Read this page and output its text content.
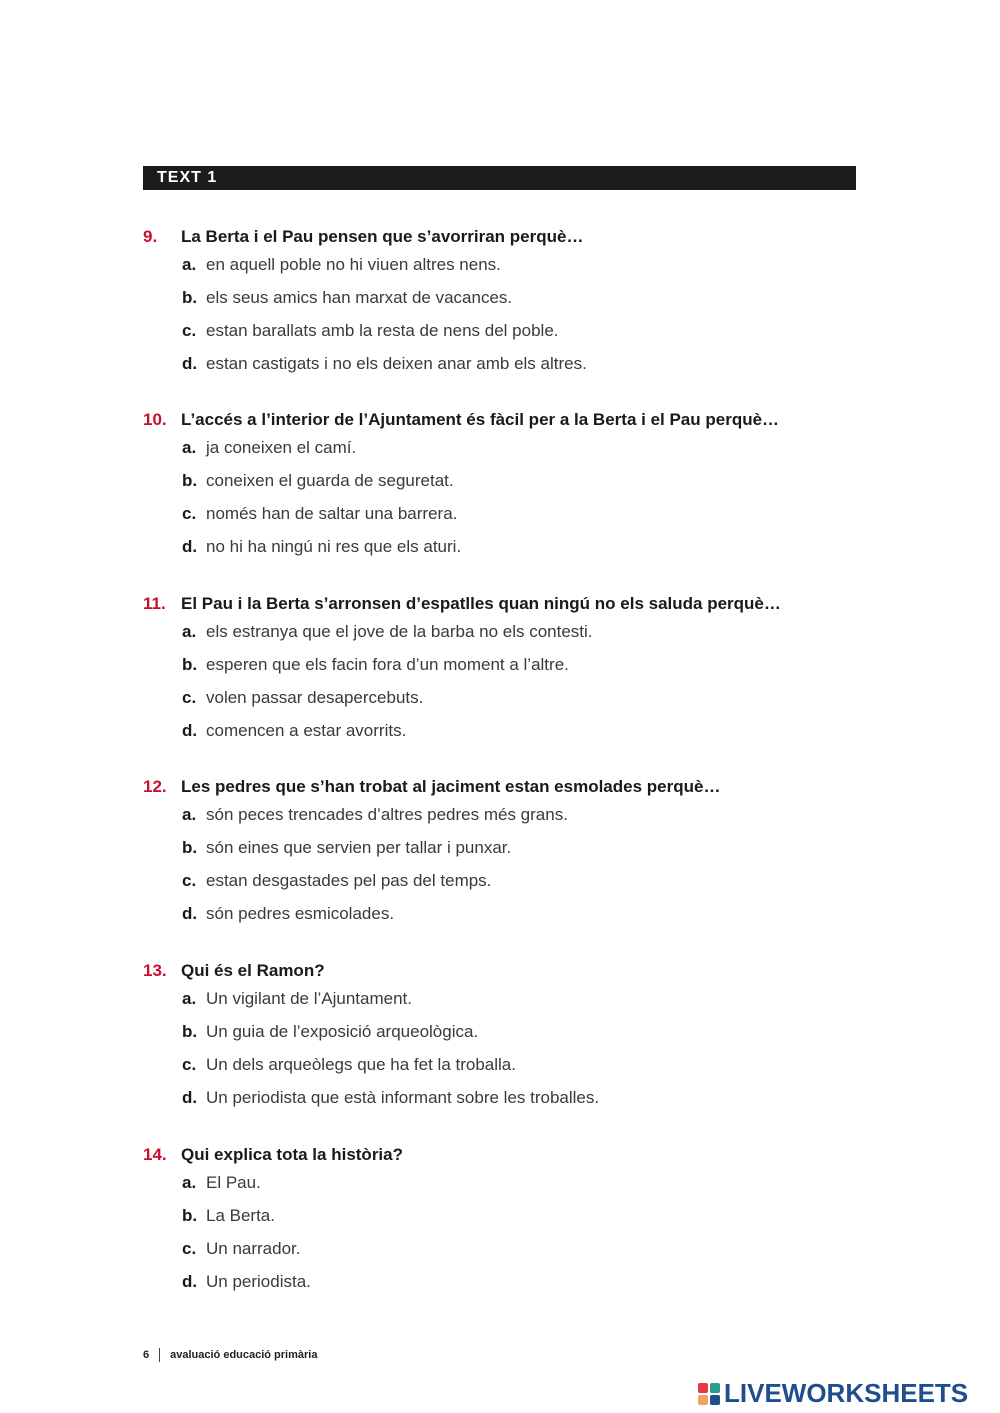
TEXT 1
9.	La Berta i el Pau pensen que s’avorriran perquè…
a. en aquell poble no hi viuen altres nens.
b. els seus amics han marxat de vacances.
c. estan barallats amb la resta de nens del poble.
d. estan castigats i no els deixen anar amb els altres.
10. L’accés a l’interior de l’Ajuntament és fàcil per a la Berta i el Pau perquè…
a. ja coneixen el camí.
b. coneixen el guarda de seguretat.
c. només han de saltar una barrera.
d. no hi ha ningú ni res que els aturi.
11. El Pau i la Berta s’arronsen d’espatlles quan ningú no els saluda perquè…
a. els estranya que el jove de la barba no els contesti.
b. esperen que els facin fora d’un moment a l’altre.
c. volen passar desapercebuts.
d. comencen a estar avorrits.
12. Les pedres que s’han trobat al jaciment estan esmolades perquè…
a. són peces trencades d’altres pedres més grans.
b. són eines que servien per tallar i punxar.
c. estan desgastades pel pas del temps.
d. són pedres esmicolades.
13. Qui és el Ramon?
a. Un vigilant de l’Ajuntament.
b. Un guia de l’exposició arqueològica.
c. Un dels arqueòlegs que ha fet la troballa.
d. Un periodista que està informant sobre les troballes.
14. Qui explica tota la història?
a. El Pau.
b. La Berta.
c. Un narrador.
d. Un periodista.
6 avaluació educació primària
LIVEWORKSHEETS
